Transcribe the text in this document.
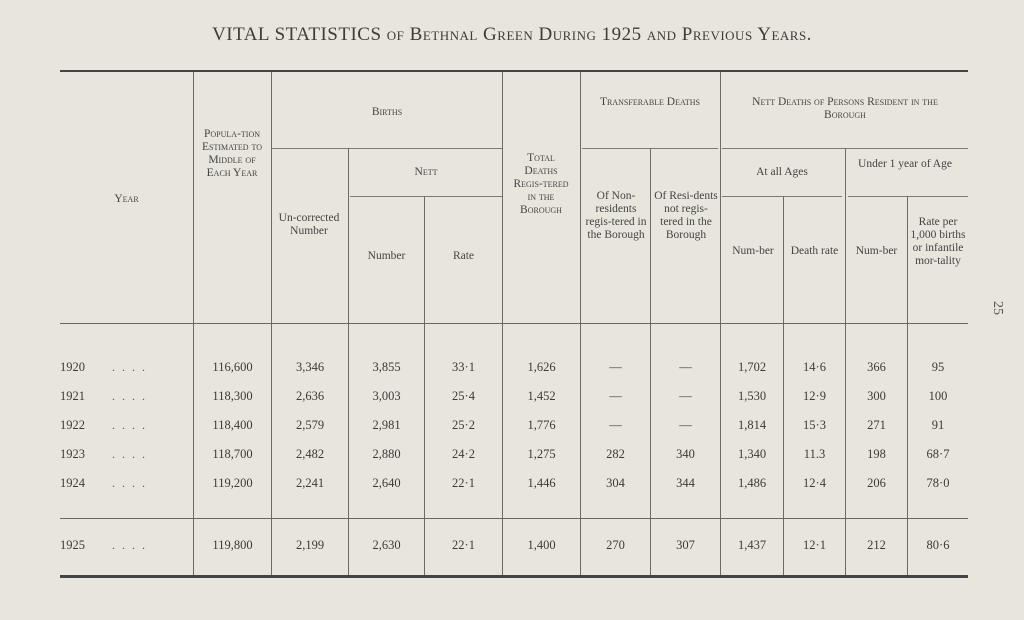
VITAL STATISTICS of Bethnal Green During 1925 and Previous Years.
25
Year
Popula-tion Estimated to Middle of Each Year
Births
Un-corrected Number
Nett
Number	Rate
Total Deaths Regis-tered in the Borough
Transferable Deaths
Of Non-residents regis-tered in the Borough
Of Resi-dents not regis-tered in the Borough
Nett Deaths of Persons Resident in the Borough
At all Ages
Num-ber	Death rate
Under 1 year of Age
Num-ber
Rate per 1,000 births or infantile mor-tality
1920 . . . .	116,600	3,346	3,855	33·1	1,626	—	—	1,702	14·6	366	95
1921 . . . .	118,300	2,636	3,003	25·4	1,452	—	—	1,530	12·9	300	100
1922 . . . .	118,400	2,579	2,981	25·2	1,776	—	—	1,814	15·3	271	91
1923 . . . .	118,700	2,482	2,880	24·2	1,275	282	340	1,340	11.3	198	68·7
1924 . . . .	119,200	2,241	2,640	22·1	1,446	304	344	1,486	12·4	206	78·0
1925 . . . .	119,800	2,199	2,630	22·1	1,400	270	307	1,437	12·1	212	80·6
